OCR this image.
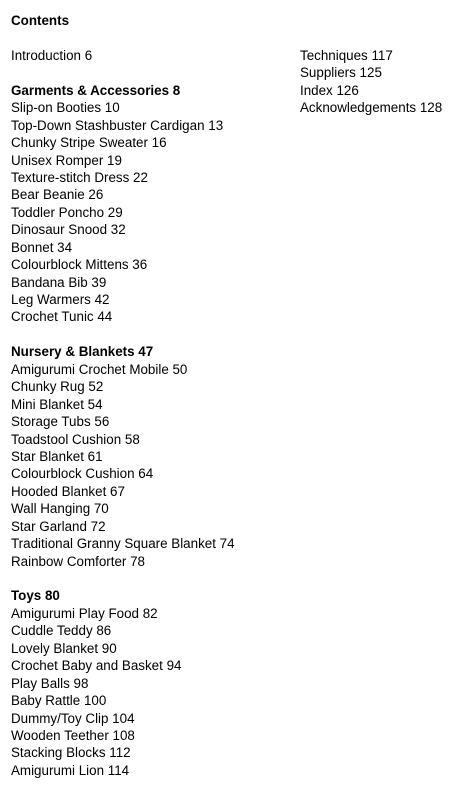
Contents
Introduction 6
Garments & Accessories 8
Slip-on Booties 10
Top-Down Stashbuster Cardigan 13
Chunky Stripe Sweater 16
Unisex Romper 19
Texture-stitch Dress 22
Bear Beanie 26
Toddler Poncho 29
Dinosaur Snood 32
Bonnet 34
Colourblock Mittens 36
Bandana Bib 39
Leg Warmers 42
Crochet Tunic 44
Nursery & Blankets 47
Amigurumi Crochet Mobile 50
Chunky Rug 52
Mini Blanket 54
Storage Tubs 56
Toadstool Cushion 58
Star Blanket 61
Colourblock Cushion 64
Hooded Blanket 67
Wall Hanging 70
Star Garland 72
Traditional Granny Square Blanket 74
Rainbow Comforter 78
Toys 80
Amigurumi Play Food 82
Cuddle Teddy 86
Lovely Blanket 90
Crochet Baby and Basket 94
Play Balls 98
Baby Rattle 100
Dummy/Toy Clip 104
Wooden Teether 108
Stacking Blocks 112
Amigurumi Lion 114
Techniques 117
Suppliers 125
Index 126
Acknowledgements 128
